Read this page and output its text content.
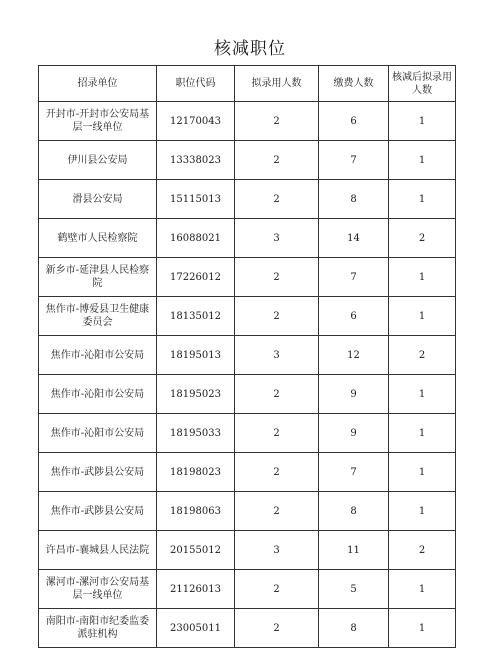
核减职位
招录单位	职位代码	拟录用人数	缴费人数	核减后拟录用人数
开封市-开封市公安局基层一线单位	12170043	2	6	1
伊川县公安局	13338023	2	7	1
滑县公安局	15115013	2	8	1
鹤壁市人民检察院	16088021	3	14	2
新乡市-延津县人民检察院	17226012	2	7	1
焦作市-博爱县卫生健康委员会	18135012	2	6	1
焦作市-沁阳市公安局	18195013	3	12	2
焦作市-沁阳市公安局	18195023	2	9	1
焦作市-沁阳市公安局	18195033	2	9	1
焦作市-武陟县公安局	18198023	2	7	1
焦作市-武陟县公安局	18198063	2	8	1
许昌市-襄城县人民法院	20155012	3	11	2
漯河市-漯河市公安局基层一线单位	21126013	2	5	1
南阳市-南阳市纪委监委派驻机构	23005011	2	8	1
